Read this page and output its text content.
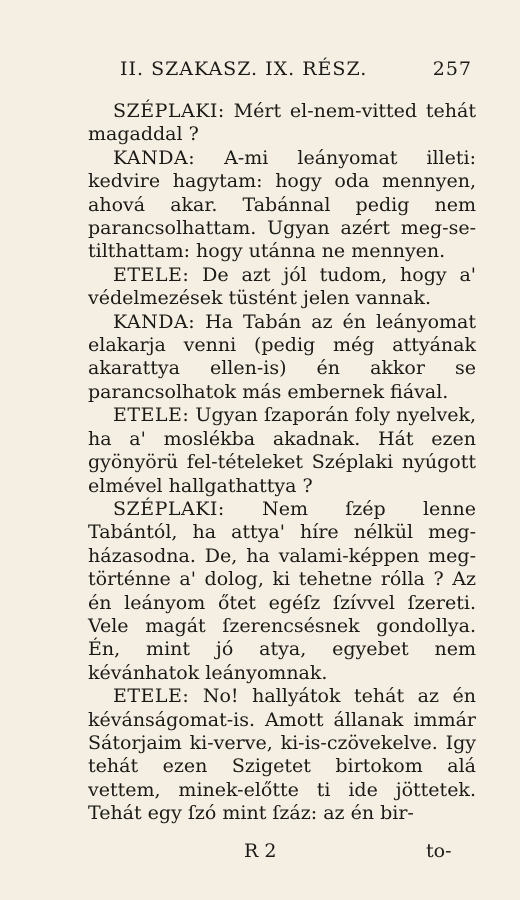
II. SZAKASZ. IX. RÉSZ.	257

SZÉPLAKI: Mért el-nem-vitted tehát magaddal ?

KANDA: A-mi leányomat illeti: kedvire hagytam: hogy oda mennyen, ahová akar. Tabánnal pedig nem parancsolhattam. Ugyan azért meg-se-tilthattam: hogy utánna ne mennyen.

ETELE: De azt jól tudom, hogy a' védelmezések tüstént jelen vannak.

KANDA: Ha Tabán az én leányomat elakarja venni (pedig még attyának akarattya ellen-is) én akkor se parancsolhatok más embernek fiával.

ETELE: Ugyan ſzaporán foly nyelvek, ha a' moslékba akadnak. Hát ezen gyönyörü fel-tételeket Széplaki nyúgott elmével hallgathattya ?

SZÉPLAKI: Nem ſzép lenne Tabántól, ha attya' híre nélkül meg-házasodna. De, ha valami-képpen meg-történne a' dolog, ki tehetne rólla ? Az én leányom őtet egéſz ſzívvel ſzereti. Vele magát ſzerencsésnek gondollya. Én, mint jó atya, egyebet nem kévánhatok leányomnak.

ETELE: No! hallyátok tehát az én kévánságomat-is. Amott állanak immár Sátorjaim ki-verve, ki-is-czövekelve. Igy tehát ezen Szigetet birtokom alá vettem, minek-előtte ti ide jöttetek. Tehát egy ſzó mint ſzáz: az én bir-

R 2	to-
